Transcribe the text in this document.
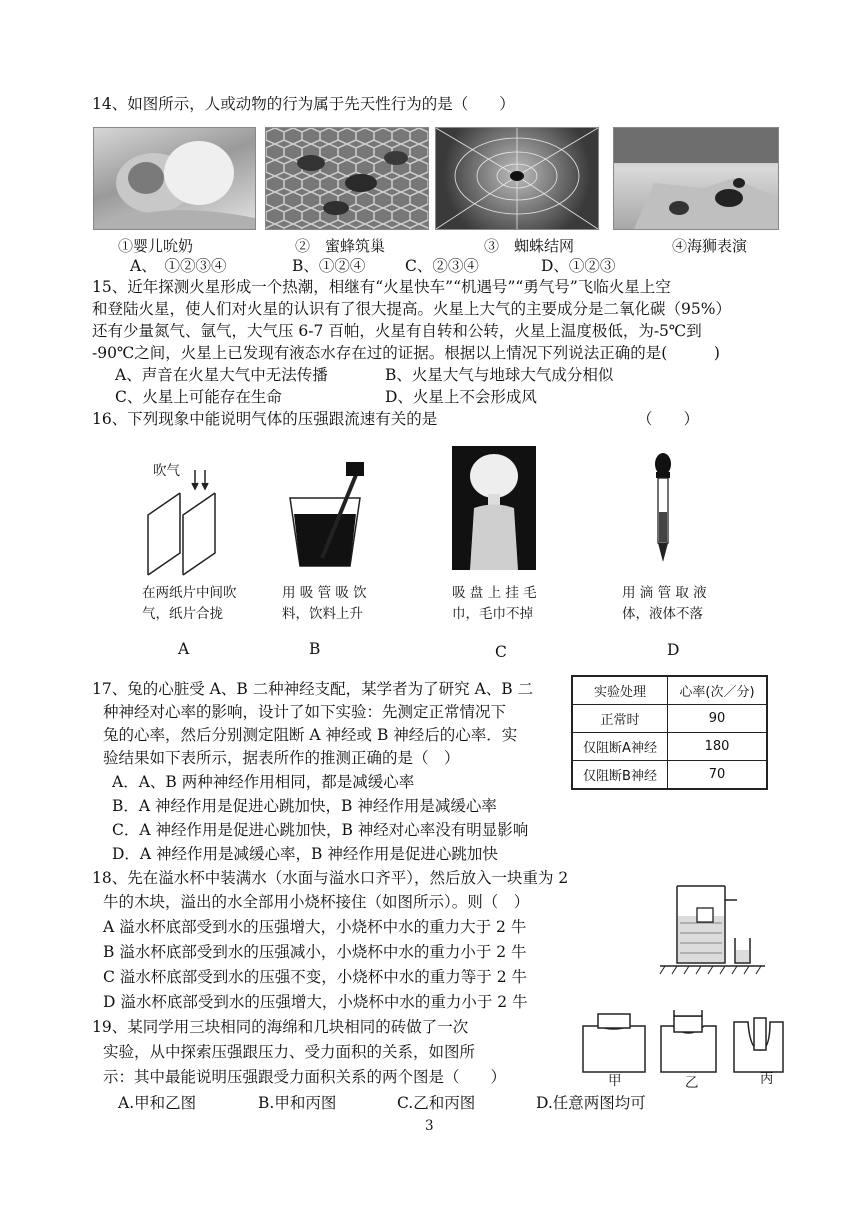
14、如图所示，人或动物的行为属于先天性行为的是（　　）
①婴儿吮奶	②　蜜蜂筑巢	③　蜘蛛结网	④海狮表演
A、　①②③④	B、①②④	C、②③④	D、①②③
15、近年探测火星形成一个热潮，相继有“火星快车”“机遇号”“勇气号”飞临火星上空
和登陆火星，使人们对火星的认识有了很大提高。火星上大气的主要成分是二氧化碳（95%）
还有少量氮气、氩气，大气压 6-7 百帕，火星有自转和公转，火星上温度极低，为-5℃到
-90℃之间，火星上已发现有液态水存在过的证据。根据以上情况下列说法正确的是(　　　)
A、声音在火星大气中无法传播	B、火星大气与地球大气成分相似
C、火星上可能存在生命	D、火星上不会形成风
16、下列现象中能说明气体的压强跟流速有关的是	（　　）
吹气
在两纸片中间吹
气，纸片合拢
用 吸 管 吸 饮
料，饮料上升
吸 盘 上 挂 毛
巾，毛巾不掉
用 滴 管 取 液
体，液体不落
A	B	C	D
17、兔的心脏受 A、B 二种神经支配，某学者为了研究 A、B 二
种神经对心率的影响，设计了如下实验：先测定正常情况下
兔的心率，然后分别测定阻断 A 神经或 B 神经后的心率．实
验结果如下表所示，据表所作的推测正确的是（　）
A．A、B 两种神经作用相同，都是减缓心率
B．A 神经作用是促进心跳加快，B 神经作用是减缓心率
C．A 神经作用是促进心跳加快，B 神经对心率没有明显影响
D．A 神经作用是减缓心率，B 神经作用是促进心跳加快
实验处理	心率(次／分)
正常时	90
仅阻断A神经	180
仅阻断B神经	70
18、先在溢水杯中装满水（水面与溢水口齐平），然后放入一块重为 2
牛的木块，溢出的水全部用小烧杯接住（如图所示）。则（　）
A 溢水杯底部受到水的压强增大，小烧杯中水的重力大于 2 牛
B 溢水杯底部受到水的压强减小，小烧杯中水的重力小于 2 牛
C 溢水杯底部受到水的压强不变，小烧杯中水的重力等于 2 牛
D 溢水杯底部受到水的压强增大，小烧杯中水的重力小于 2 牛
19、某同学用三块相同的海绵和几块相同的砖做了一次
实验，从中探索压强跟压力、受力面积的关系，如图所
示：其中最能说明压强跟受力面积关系的两个图是（　　）
A.甲和乙图	B.甲和丙图	C.乙和丙图	D.任意两图均可
甲	乙	丙
3
